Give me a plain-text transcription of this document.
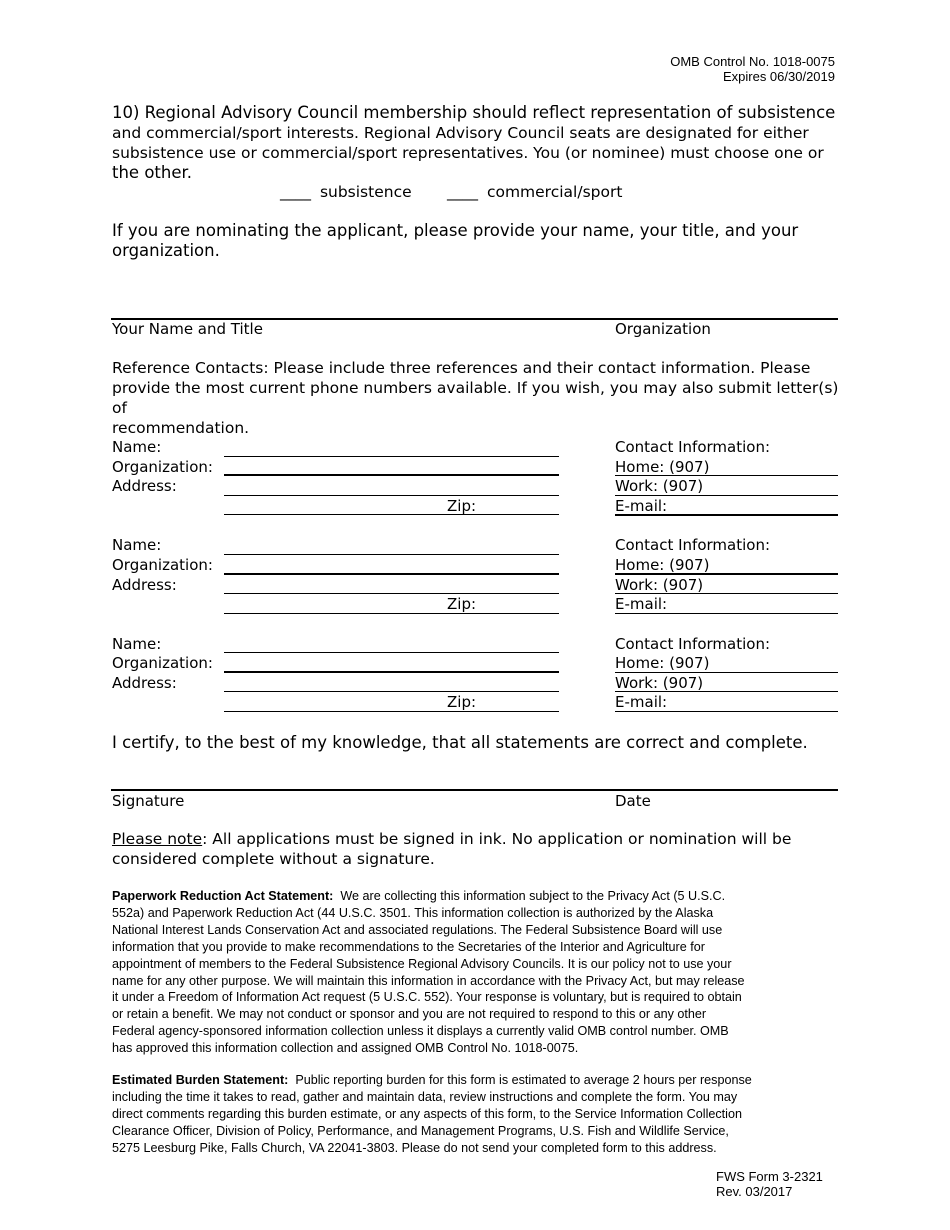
OMB Control No. 1018-0075
Expires 06/30/2019
10) Regional Advisory Council membership should reflect representation of subsistence
and commercial/sport interests. Regional Advisory Council seats are designated for either
subsistence use or commercial/sport representatives. You (or nominee) must choose one or
the other.
____ subsistence ____ commercial/sport
If you are nominating the applicant, please provide your name, your title, and your
organization.
Your Name and Title	Organization
Reference Contacts: Please include three references and their contact information. Please
provide the most current phone numbers available. If you wish, you may also submit letter(s) of
recommendation.
Name:
Organization:
Address:
Zip:
Contact Information:
Home: (907)
Work: (907)
E-mail:
Name:
Organization:
Address:
Zip:
Contact Information:
Home: (907)
Work: (907)
E-mail:
Name:
Organization:
Address:
Zip:
Contact Information:
Home: (907)
Work: (907)
E-mail:
I certify, to the best of my knowledge, that all statements are correct and complete.
Signature	Date
Please note: All applications must be signed in ink. No application or nomination will be
considered complete without a signature.
Paperwork Reduction Act Statement:  We are collecting this information subject to the Privacy Act (5 U.S.C.
552a) and Paperwork Reduction Act (44 U.S.C. 3501. This information collection is authorized by the Alaska
National Interest Lands Conservation Act and associated regulations. The Federal Subsistence Board will use
information that you provide to make recommendations to the Secretaries of the Interior and Agriculture for
appointment of members to the Federal Subsistence Regional Advisory Councils. It is our policy not to use your
name for any other purpose. We will maintain this information in accordance with the Privacy Act, but may release
it under a Freedom of Information Act request (5 U.S.C. 552). Your response is voluntary, but is required to obtain
or retain a benefit. We may not conduct or sponsor and you are not required to respond to this or any other
Federal agency-sponsored information collection unless it displays a currently valid OMB control number. OMB
has approved this information collection and assigned OMB Control No. 1018-0075.
Estimated Burden Statement:  Public reporting burden for this form is estimated to average 2 hours per response
including the time it takes to read, gather and maintain data, review instructions and complete the form. You may
direct comments regarding this burden estimate, or any aspects of this form, to the Service Information Collection
Clearance Officer, Division of Policy, Performance, and Management Programs, U.S. Fish and Wildlife Service,
5275 Leesburg Pike, Falls Church, VA 22041-3803. Please do not send your completed form to this address.
FWS Form 3-2321
Rev. 03/2017
